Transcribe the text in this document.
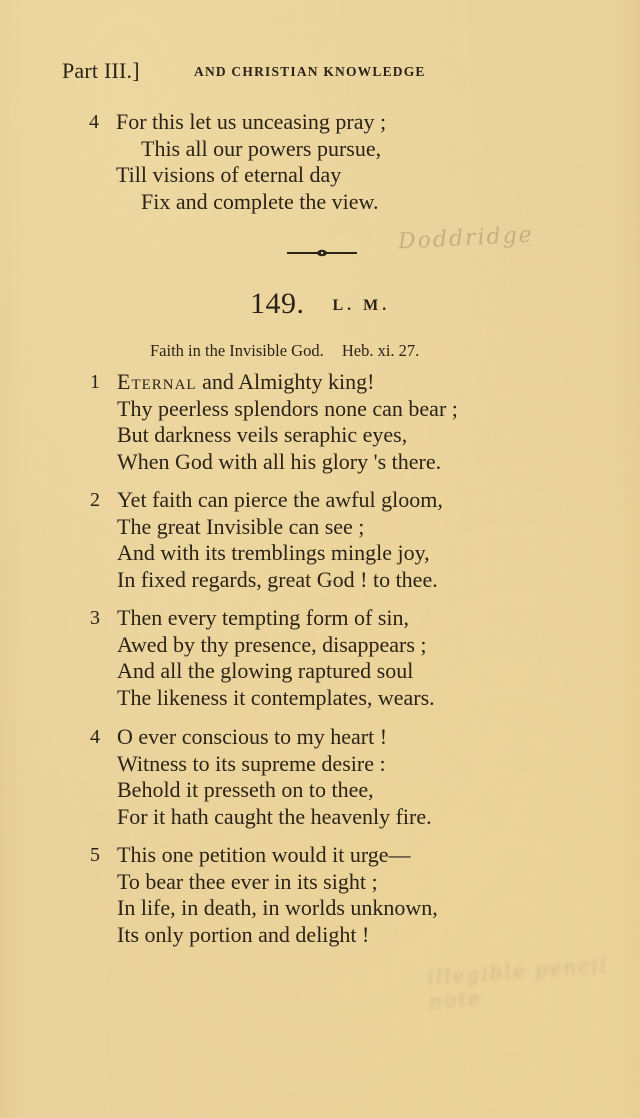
Part III.]	AND CHRISTIAN KNOWLEDGE
4 For this let us unceasing pray ;
This all our powers pursue,
Till visions of eternal day
Fix and complete the view.
Doddridge
illegible pencil note
149. L. M.
Faith in the Invisible God. Heb. xi. 27.
1 Eternal and Almighty king!
Thy peerless splendors none can bear ;
But darkness veils seraphic eyes,
When God with all his glory 's there.
2 Yet faith can pierce the awful gloom,
The great Invisible can see ;
And with its tremblings mingle joy,
In fixed regards, great God ! to thee.
3 Then every tempting form of sin,
Awed by thy presence, disappears ;
And all the glowing raptured soul
The likeness it contemplates, wears.
4 O ever conscious to my heart !
Witness to its supreme desire :
Behold it presseth on to thee,
For it hath caught the heavenly fire.
5 This one petition would it urge—
To bear thee ever in its sight ;
In life, in death, in worlds unknown,
Its only portion and delight !
